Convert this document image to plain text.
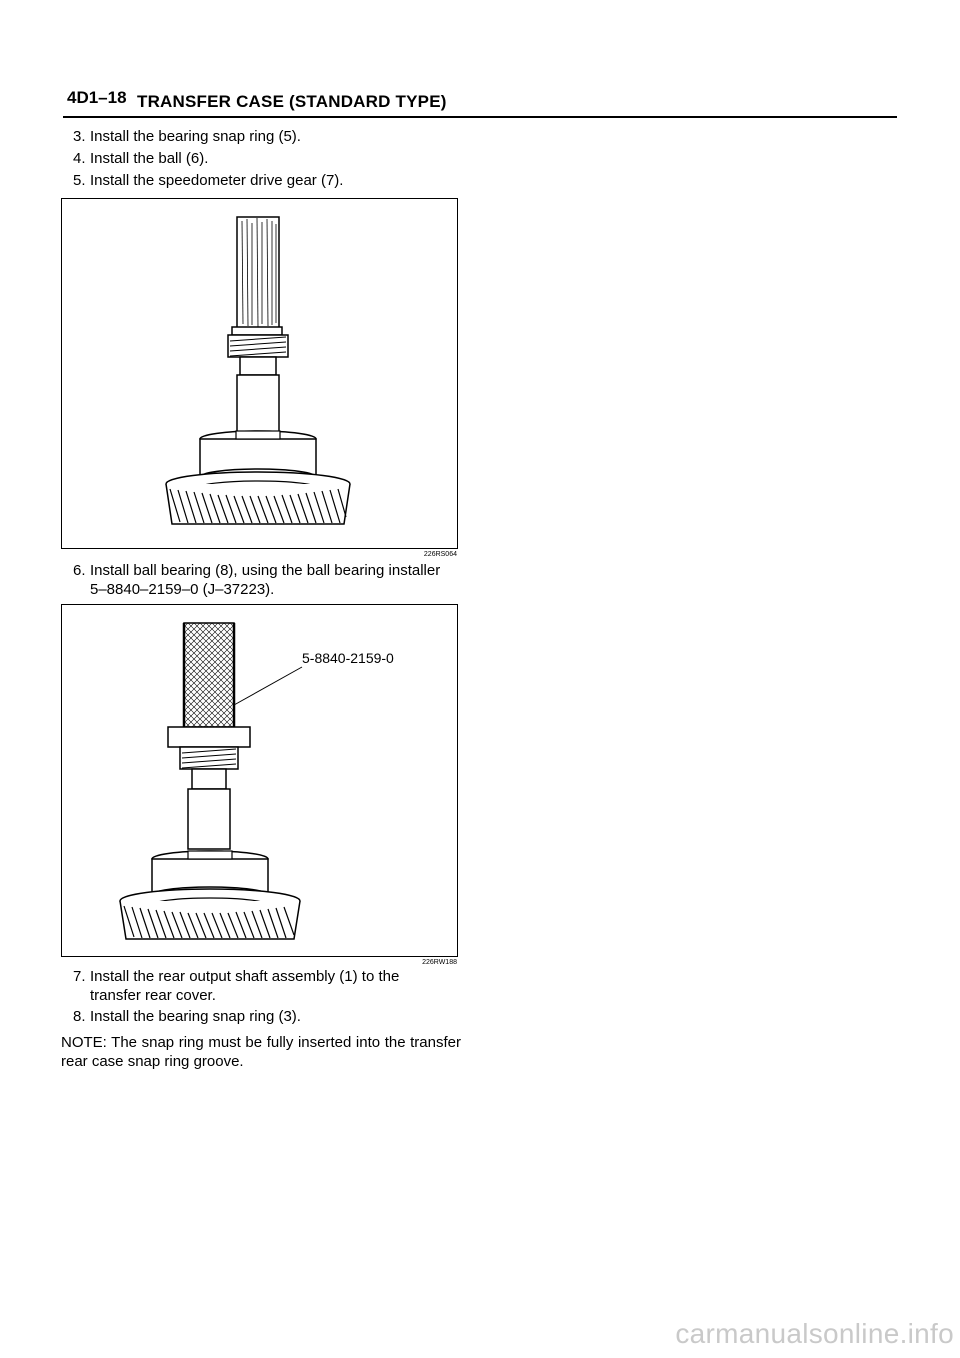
4D1–18 TRANSFER CASE (STANDARD TYPE)
3. Install the bearing snap ring (5).
4. Install the ball (6).
5. Install the speedometer drive gear (7).
226RS064
6. Install ball bearing (8), using the ball bearing installer
5–8840–2159–0 (J–37223).
5-8840-2159-0
226RW188
7. Install the rear output shaft assembly (1) to the
transfer rear cover.
8. Install the bearing snap ring (3).
NOTE: The snap ring must be fully inserted into the transfer rear case snap ring groove.
carmanualsonline.info
